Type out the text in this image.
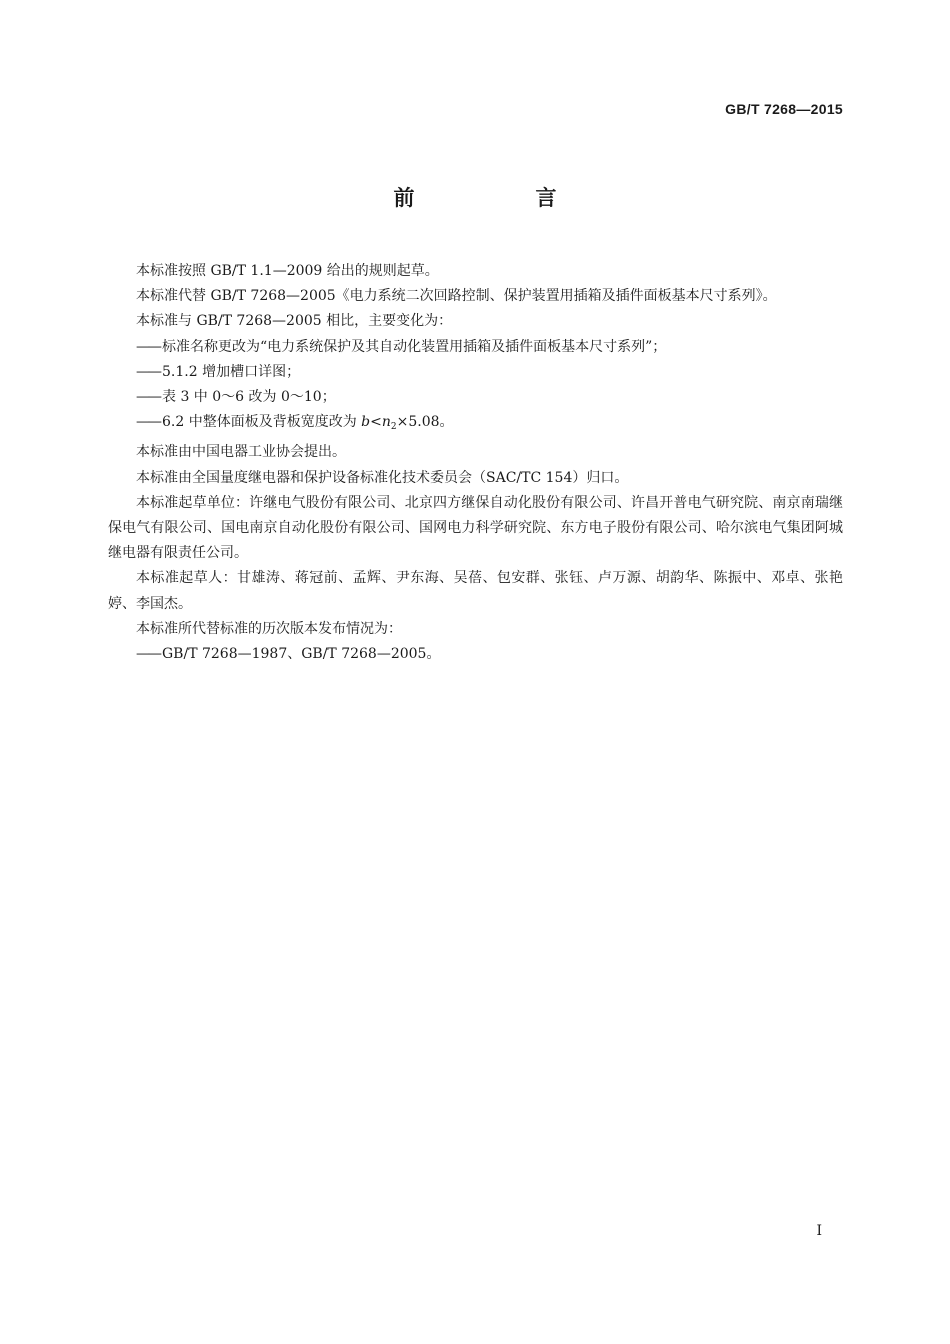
GB/T 7268—2015
前　言

本标准按照 GB/T 1.1—2009 给出的规则起草。

本标准代替 GB/T 7268—2005《电力系统二次回路控制、保护装置用插箱及插件面板基本尺寸系列》。

本标准与 GB/T 7268—2005 相比，主要变化为：

—— 标准名称更改为“电力系统保护及其自动化装置用插箱及插件面板基本尺寸系列”；

—— 5.1.2 增加槽口详图；

—— 表 3 中 0～6 改为 0～10；

—— 6.2 中整体面板及背板宽度改为 $b<n_2\times 5.08$。

本标准由中国电器工业协会提出。

本标准由全国量度继电器和保护设备标准化技术委员会（SAC/TC 154）归口。

本标准起草单位：许继电气股份有限公司、北京四方继保自动化股份有限公司、许昌开普电气研究院、南京南瑞继保电气有限公司、国电南京自动化股份有限公司、国网电力科学研究院、东方电子股份有限公司、哈尔滨电气集团阿城继电器有限责任公司。

本标准起草人：甘雄涛、蒋冠前、孟辉、尹东海、吴蓓、包安群、张钰、卢万源、胡韵华、陈振中、邓卓、张艳婷、李国杰。

本标准所代替标准的历次版本发布情况为：

—— GB/T 7268—1987、GB/T 7268—2005。

I
